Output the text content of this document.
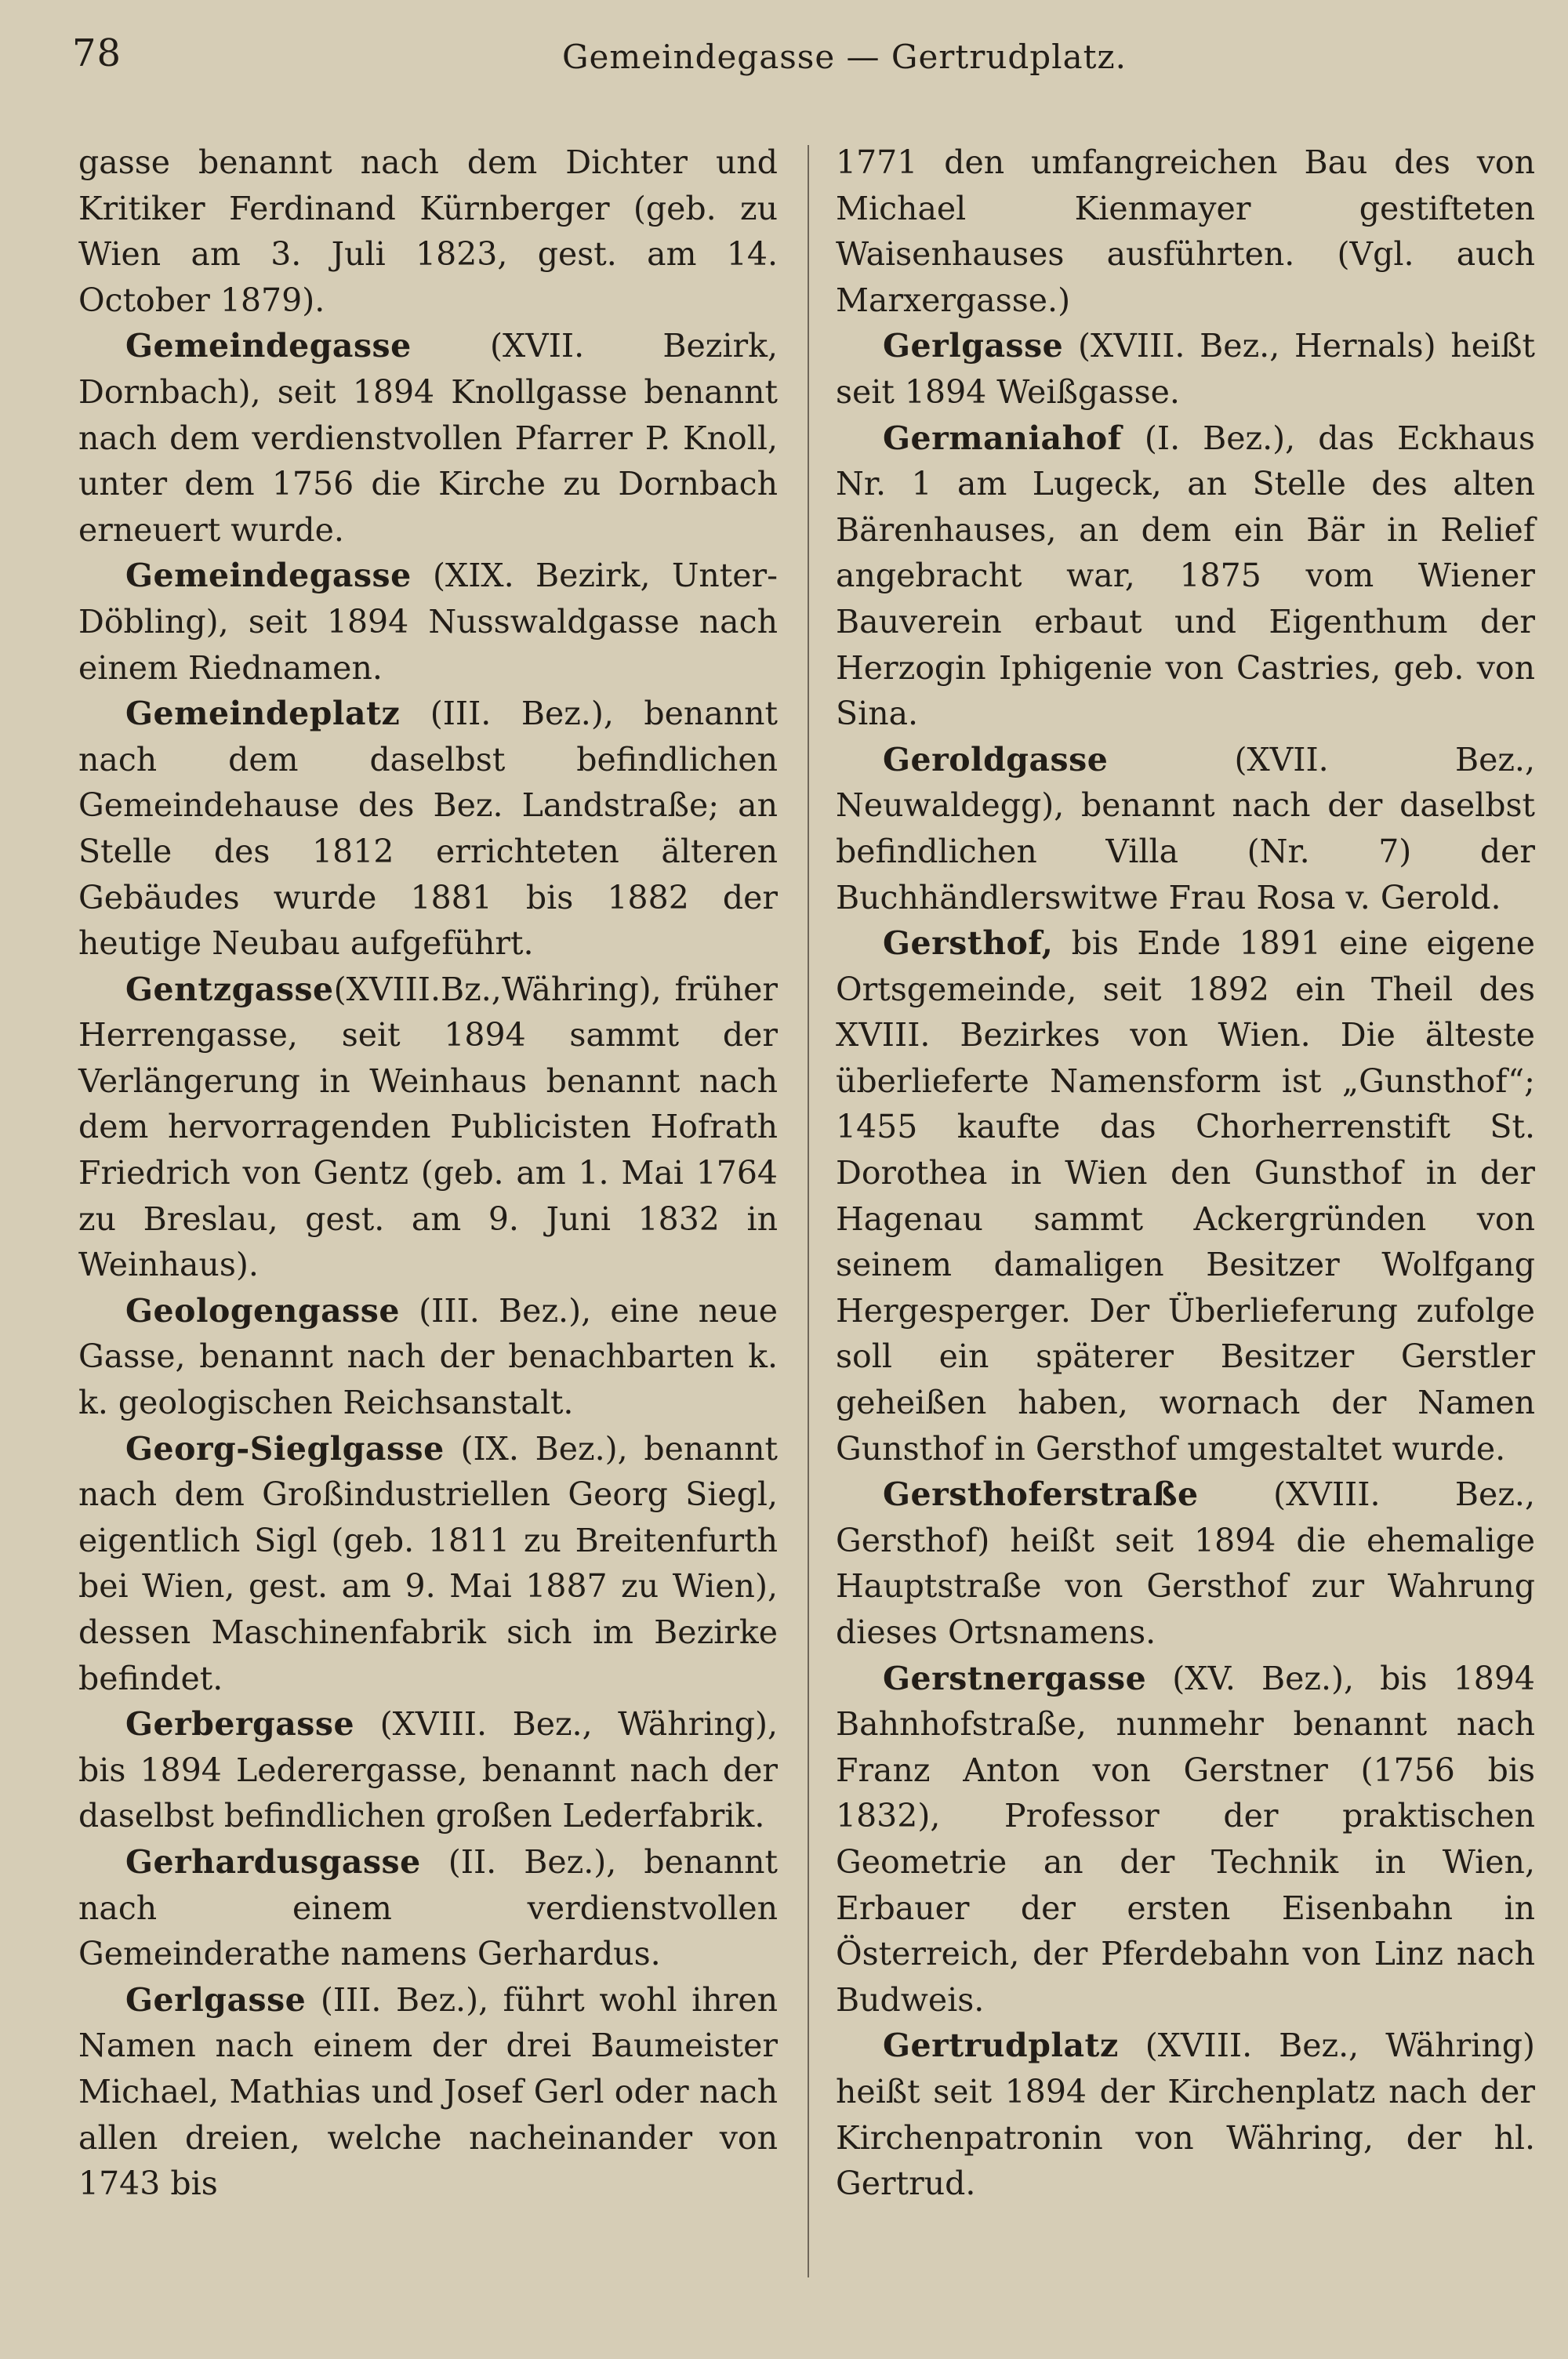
78	Gemeindegasse — Gertrudplatz.

gasse benannt nach dem Dichter und Kritiker Ferdinand Kürnberger (geb. zu Wien am 3. Juli 1823, gest. am 14. October 1879).

Gemeindegasse (XVII. Bezirk, Dornbach), seit 1894 Knollgasse benannt nach dem verdienstvollen Pfarrer P. Knoll, unter dem 1756 die Kirche zu Dornbach erneuert wurde.

Gemeindegasse (XIX. Bezirk, Unter-Döbling), seit 1894 Nusswaldgasse nach einem Riednamen.

Gemeindeplatz (III. Bez.), benannt nach dem daselbst befindlichen Gemeindehause des Bez. Landstraße; an Stelle des 1812 errichteten älteren Gebäudes wurde 1881 bis 1882 der heutige Neubau aufgeführt.

Gentzgasse(XVIII.Bz.,Währing), früher Herrengasse, seit 1894 sammt der Verlängerung in Weinhaus benannt nach dem hervorragenden Publicisten Hofrath Friedrich von Gentz (geb. am 1. Mai 1764 zu Breslau, gest. am 9. Juni 1832 in Weinhaus).

Geologengasse (III. Bez.), eine neue Gasse, benannt nach der benachbarten k. k. geologischen Reichsanstalt.

Georg-Sieglgasse (IX. Bez.), benannt nach dem Großindustriellen Georg Siegl, eigentlich Sigl (geb. 1811 zu Breitenfurth bei Wien, gest. am 9. Mai 1887 zu Wien), dessen Maschinenfabrik sich im Bezirke befindet.

Gerbergasse (XVIII. Bez., Währing), bis 1894 Lederergasse, benannt nach der daselbst befindlichen großen Lederfabrik.

Gerhardusgasse (II. Bez.), benannt nach einem verdienstvollen Gemeinderathe namens Gerhardus.

Gerlgasse (III. Bez.), führt wohl ihren Namen nach einem der drei Baumeister Michael, Mathias und Josef Gerl oder nach allen dreien, welche nacheinander von 1743 bis

1771 den umfangreichen Bau des von Michael Kienmayer gestifteten Waisenhauses ausführten. (Vgl. auch Marxergasse.)

Gerlgasse (XVIII. Bez., Hernals) heißt seit 1894 Weißgasse.

Germaniahof (I. Bez.), das Eckhaus Nr. 1 am Lugeck, an Stelle des alten Bärenhauses, an dem ein Bär in Relief angebracht war, 1875 vom Wiener Bauverein erbaut und Eigenthum der Herzogin Iphigenie von Castries, geb. von Sina.

Geroldgasse (XVII. Bez., Neuwaldegg), benannt nach der daselbst befindlichen Villa (Nr. 7) der Buchhändlerswitwe Frau Rosa v. Gerold.

Gersthof, bis Ende 1891 eine eigene Ortsgemeinde, seit 1892 ein Theil des XVIII. Bezirkes von Wien. Die älteste überlieferte Namensform ist „Gunsthof“; 1455 kaufte das Chorherrenstift St. Dorothea in Wien den Gunsthof in der Hagenau sammt Ackergründen von seinem damaligen Besitzer Wolfgang Hergesperger. Der Überlieferung zufolge soll ein späterer Besitzer Gerstler geheißen haben, wornach der Namen Gunsthof in Gersthof umgestaltet wurde.

Gersthoferstraße (XVIII. Bez., Gersthof) heißt seit 1894 die ehemalige Hauptstraße von Gersthof zur Wahrung dieses Ortsnamens.

Gerstnergasse (XV. Bez.), bis 1894 Bahnhofstraße, nunmehr benannt nach Franz Anton von Gerstner (1756 bis 1832), Professor der praktischen Geometrie an der Technik in Wien, Erbauer der ersten Eisenbahn in Österreich, der Pferdebahn von Linz nach Budweis.

Gertrudplatz (XVIII. Bez., Währing) heißt seit 1894 der Kirchenplatz nach der Kirchenpatronin von Währing, der hl. Gertrud.
